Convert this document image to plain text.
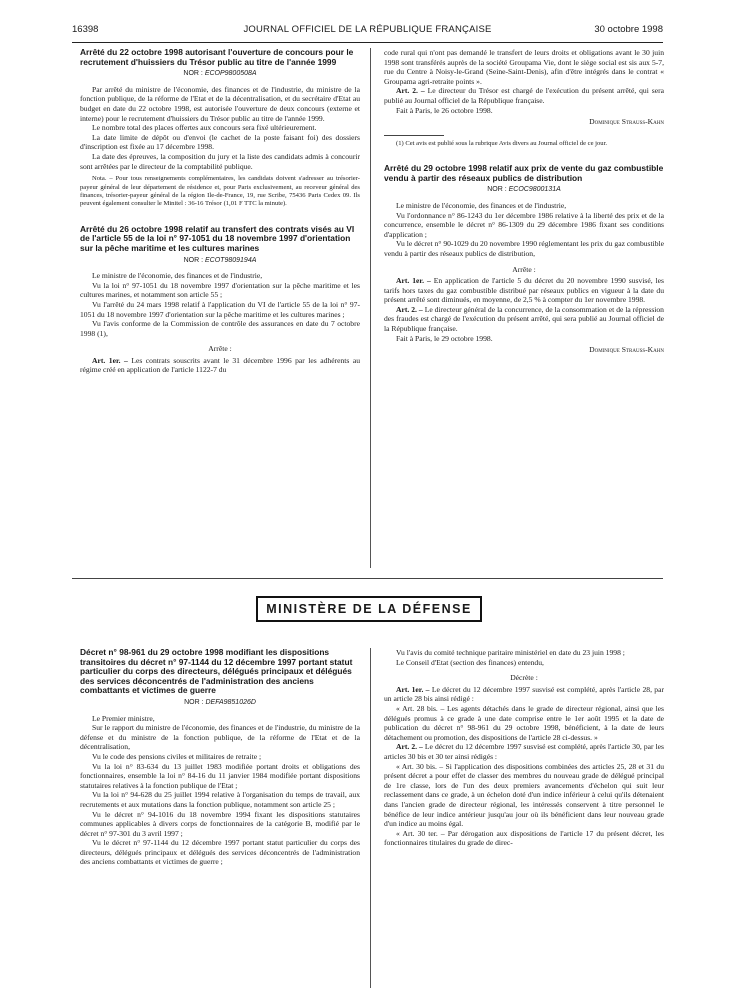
16398	JOURNAL OFFICIEL DE LA RÉPUBLIQUE FRANÇAISE	30 octobre 1998
Arrêté du 22 octobre 1998 autorisant l'ouverture de concours pour le recrutement d'huissiers du Trésor public au titre de l'année 1999
NOR : ECOP9800508A

Par arrêté du ministre de l'économie, des finances et de l'industrie, du ministre de la fonction publique, de la réforme de l'Etat et de la décentralisation, et du secrétaire d'Etat au budget en date du 22 octobre 1998, est autorisée l'ouverture de deux concours (externe et interne) pour le recrutement d'huissiers du Trésor public au titre de l'année 1999.

Le nombre total des places offertes aux concours sera fixé ultérieurement.

La date limite de dépôt ou d'envoi (le cachet de la poste faisant foi) des dossiers d'inscription est fixée au 17 décembre 1998.

La date des épreuves, la composition du jury et la liste des candidats admis à concourir sont arrêtées par le directeur de la comptabilité publique.

Nota. – Pour tous renseignements complémentaires, les candidats doivent s'adresser au trésorier-payeur général de leur département de résidence et, pour Paris exclusivement, au receveur général des finances, trésorier-payeur général de la région Ile-de-France, 19, rue Scribe, 75436 Paris Cedex 09. Ils peuvent également consulter le Minitel : 36-16 Trésor (1,01 F TTC la minute).

Arrêté du 26 octobre 1998 relatif au transfert des contrats visés au VI de l'article 55 de la loi n° 97-1051 du 18 novembre 1997 d'orientation sur la pêche maritime et les cultures marines
NOR : ECOT9809194A

Le ministre de l'économie, des finances et de l'industrie,

Vu la loi n° 97-1051 du 18 novembre 1997 d'orientation sur la pêche maritime et les cultures marines, et notamment son article 55 ;

Vu l'arrêté du 24 mars 1998 relatif à l'application du VI de l'article 55 de la loi n° 97-1051 du 18 novembre 1997 d'orientation sur la pêche maritime et les cultures marines ;

Vu l'avis conforme de la Commission de contrôle des assurances en date du 7 octobre 1998 (1),

Arrête :

Art. 1er. – Les contrats souscrits avant le 31 décembre 1996 par les adhérents au régime créé en application de l'article 1122-7 du

code rural qui n'ont pas demandé le transfert de leurs droits et obligations avant le 30 juin 1998 sont transférés auprès de la société Groupama Vie, dont le siège social est sis aux 5-7, rue du Centre à Noisy-le-Grand (Seine-Saint-Denis), afin d'être intégrés dans le contrat « Groupama agri-retraite points ».

Art. 2. – Le directeur du Trésor est chargé de l'exécution du présent arrêté, qui sera publié au Journal officiel de la République française.

Fait à Paris, le 26 octobre 1998.

Dominique Strauss-Kahn

(1) Cet avis est publié sous la rubrique Avis divers au Journal officiel de ce jour.

Arrêté du 29 octobre 1998 relatif aux prix de vente du gaz combustible vendu à partir des réseaux publics de distribution
NOR : ECOC9800131A

Le ministre de l'économie, des finances et de l'industrie,

Vu l'ordonnance n° 86-1243 du 1er décembre 1986 relative à la liberté des prix et de la concurrence, ensemble le décret n° 86-1309 du 29 décembre 1986 fixant ses conditions d'application ;

Vu le décret n° 90-1029 du 20 novembre 1990 réglementant les prix du gaz combustible vendu à partir des réseaux publics de distribution,

Arrête :

Art. 1er. – En application de l'article 5 du décret du 20 novembre 1990 susvisé, les tarifs hors taxes du gaz combustible distribué par réseaux publics en vigueur à la date du présent arrêté sont diminués, en moyenne, de 2,5 % à compter du 1er novembre 1998.

Art. 2. – Le directeur général de la concurrence, de la consommation et de la répression des fraudes est chargé de l'exécution du présent arrêté, qui sera publié au Journal officiel de la République française.

Fait à Paris, le 29 octobre 1998.

Dominique Strauss-Kahn

MINISTÈRE DE LA DÉFENSE
Décret n° 98-961 du 29 octobre 1998 modifiant les dispositions transitoires du décret n° 97-1144 du 12 décembre 1997 portant statut particulier du corps des directeurs, délégués principaux et délégués des services déconcentrés de l'administration des anciens combattants et victimes de guerre
NOR : DEFA9851026D

Le Premier ministre,

Sur le rapport du ministre de l'économie, des finances et de l'industrie, du ministre de la défense et du ministre de la fonction publique, de la réforme de l'Etat et de la décentralisation,

Vu le code des pensions civiles et militaires de retraite ;

Vu la loi n° 83-634 du 13 juillet 1983 modifiée portant droits et obligations des fonctionnaires, ensemble la loi n° 84-16 du 11 janvier 1984 modifiée portant dispositions statutaires relatives à la fonction publique de l'Etat ;

Vu la loi n° 94-628 du 25 juillet 1994 relative à l'organisation du temps de travail, aux recrutements et aux mutations dans la fonction publique, notamment son article 25 ;

Vu le décret n° 94-1016 du 18 novembre 1994 fixant les dispositions statutaires communes applicables à divers corps de fonctionnaires de la catégorie B, modifié par le décret n° 97-301 du 3 avril 1997 ;

Vu le décret n° 97-1144 du 12 décembre 1997 portant statut particulier du corps des directeurs, délégués principaux et délégués des services déconcentrés de l'administration des anciens combattants et victimes de guerre ;

Vu l'avis du comité technique paritaire ministériel en date du 23 juin 1998 ;

Le Conseil d'Etat (section des finances) entendu,

Décrète :

Art. 1er. – Le décret du 12 décembre 1997 susvisé est complété, après l'article 28, par un article 28 bis ainsi rédigé :

« Art. 28 bis. – Les agents détachés dans le grade de directeur régional, ainsi que les délégués promus à ce grade à une date comprise entre le 1er août 1995 et la date de publication du décret n° 98-961 du 29 octobre 1998, bénéficient, à la date de leurs détachement ou promotion, des dispositions de l'article 28 ci-dessus. »

Art. 2. – Le décret du 12 décembre 1997 susvisé est complété, après l'article 30, par les articles 30 bis et 30 ter ainsi rédigés :

« Art. 30 bis. – Si l'application des dispositions combinées des articles 25, 28 et 31 du présent décret a pour effet de classer des membres du nouveau grade de délégué principal de 1re classe, lors de l'un des deux premiers avancements d'échelon qui suit leur reclassement dans ce grade, à un échelon doté d'un indice inférieur à celui qu'ils détenaient dans l'ancien grade de directeur régional, les intéressés conservent à titre personnel le bénéfice de leur indice antérieur jusqu'au jour où ils bénéficient dans leur nouveau grade d'un indice au moins égal.

« Art. 30 ter. – Par dérogation aux dispositions de l'article 17 du présent décret, les fonctionnaires titulaires du grade de direc-
